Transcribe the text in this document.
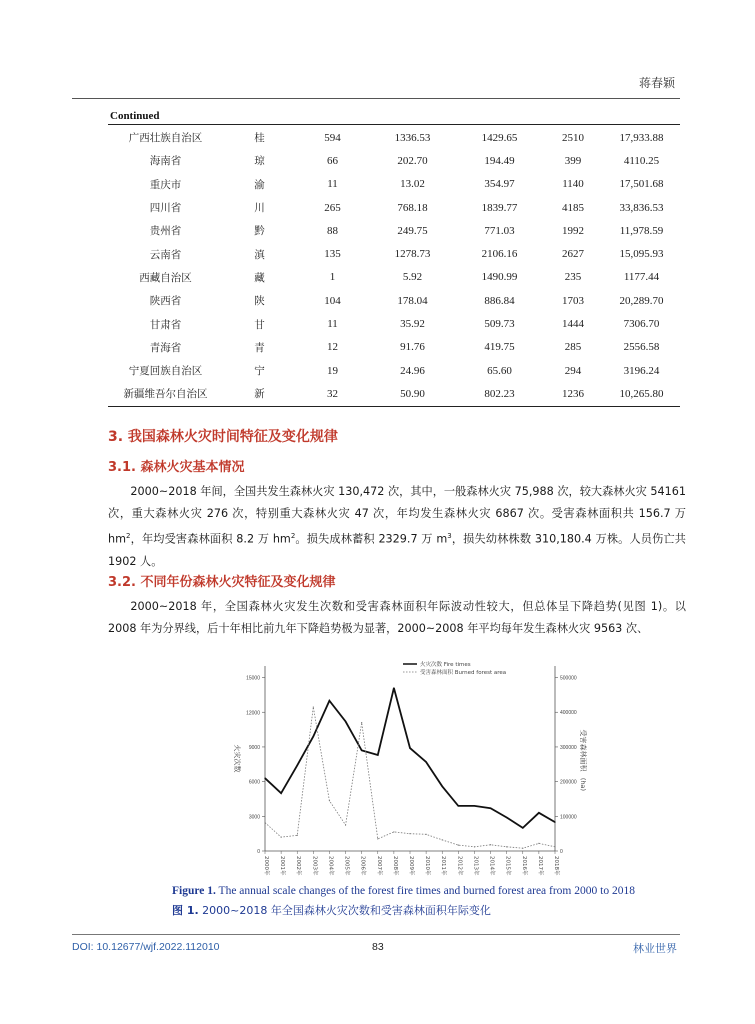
蒋春颖
Continued
广西壮族自治区	桂	594	1336.53	1429.65	2510	17,933.88
海南省	琼	66	202.70	194.49	399	4110.25
重庆市	渝	11	13.02	354.97	1140	17,501.68
四川省	川	265	768.18	1839.77	4185	33,836.53
贵州省	黔	88	249.75	771.03	1992	11,978.59
云南省	滇	135	1278.73	2106.16	2627	15,095.93
西藏自治区	藏	1	5.92	1490.99	235	1177.44
陕西省	陕	104	178.04	886.84	1703	20,289.70
甘肃省	甘	11	35.92	509.73	1444	7306.70
青海省	青	12	91.76	419.75	285	2556.58
宁夏回族自治区	宁	19	24.96	65.60	294	3196.24
新疆维吾尔自治区	新	32	50.90	802.23	1236	10,265.80
3. 我国森林火灾时间特征及变化规律
3.1. 森林火灾基本情况

2000~2018 年间，全国共发生森林火灾 130,472 次，其中，一般森林火灾 75,988 次，较大森林火灾 54161 次，重大森林火灾 276 次，特别重大森林火灾 47 次，年均发生森林火灾 6867 次。受害森林面积共 156.7 万 $hm^2$，年均受害森林面积 8.2 万 $hm^2$。损失成林蓄积 2329.7 万 $m^3$，损失幼林株数 310,180.4 万株。人员伤亡共 1902 人。

3.2. 不同年份森林火灾特征及变化规律

2000~2018 年，全国森林火灾发生次数和受害森林面积年际波动性较大，但总体呈下降趋势(见图 1)。以 2008 年为分界线，后十年相比前九年下降趋势极为显著，2000~2008 年平均每年发生森林火灾 9563 次、

0
3000
6000
9000
12000
15000
0
100000
200000
300000
400000
500000
2000年	2001年	2002年	2003年	2004年	2005年	2006年	2007年	2008年	2009年	2010年	2011年	2012年	2013年	2014年	2015年	2016年	2017年	2018年
火灾次数	受害森林面积
(ha)
火灾次数 Fire times
受害森林面积 Burned forest area
Figure 1. The annual scale changes of the forest fire times and burned forest area from 2000 to 2018
图 1. 2000~2018 年全国森林火灾次数和受害森林面积年际变化
DOI: 10.12677/wjf.2022.112010	83	林业世界
